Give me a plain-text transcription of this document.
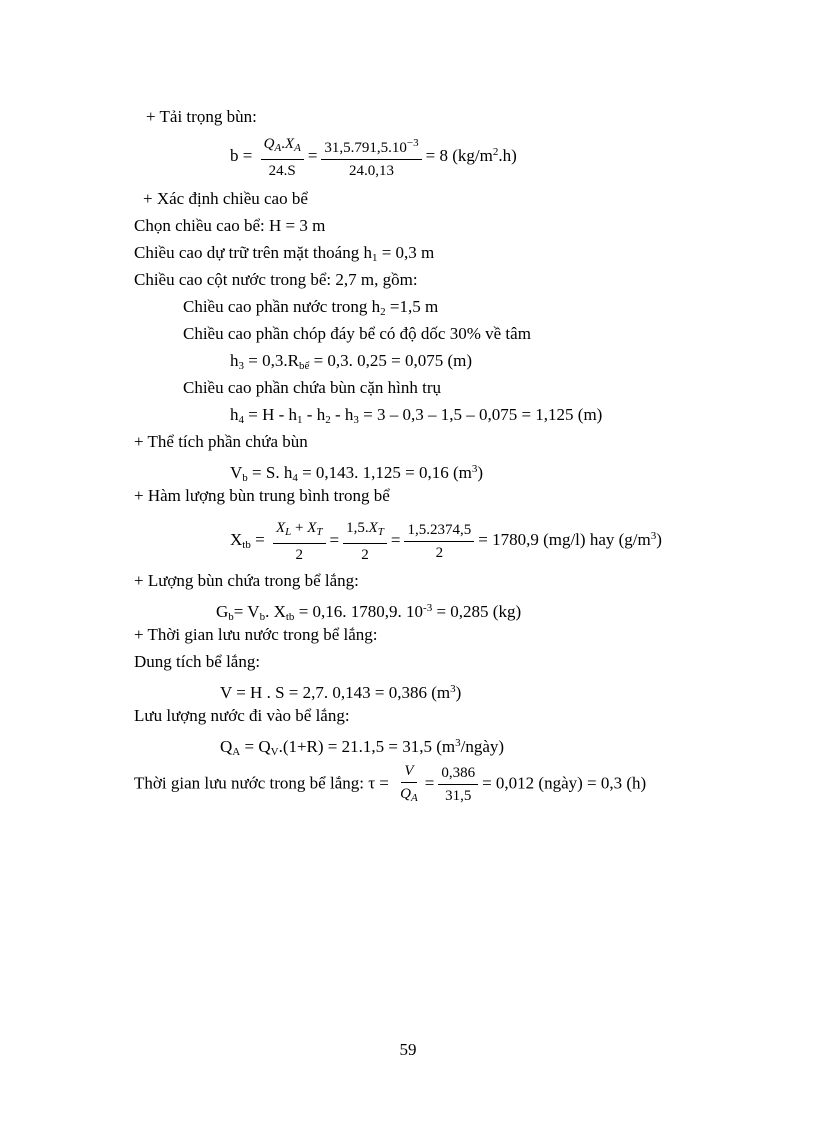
+ Tải trọng bùn:
$b = \frac{Q_A.X_A}{24.S} = \frac{31,5.791,5.10^{-3}}{24.0,13} = 8$ $(kg/m^2.h)$
+ Xác định chiều cao bể
Chọn chiều cao bể: H = 3 m
Chiều cao dự trữ trên mặt thoáng $h_1 = 0,3$ m
Chiều cao cột nước trong bể: 2,7 m, gồm:
Chiều cao phần nước trong $h_2 =1,5$ m
Chiều cao phần chóp đáy bể có độ dốc 30% về tâm
$h_3 = 0,3.R_{bể} = 0,3$. 0,25 = 0,075 (m)
Chiều cao phần chứa bùn cặn hình trụ
$h_4 = H - h_1 - h_2 - h_3 = 3 - 0,3 - 1,5 - 0,075 = 1,125$ (m)
+ Thể tích phần chứa bùn
$V_b = S$. $h_4 = 0,143$. 1,125 = 0,16 $(m^3)$
+ Hàm lượng bùn trung bình trong bể
$X_{tb} = \frac{X_L + X_T}{2} = \frac{1,5.X_T}{2} = \frac{1,5.2374,5}{2} = 1780,9$ (mg/l) hay $(g/m^3)$
+ Lượng bùn chứa trong bể lắng:
$G_b= V_b$. $X_{tb} = 0,16$. 1780,9. $10^{-3} = 0,285$ (kg)
+ Thời gian lưu nước trong bể lắng:
Dung tích bể lắng:
V = H . S = 2,7. 0,143 = 0,386 $(m^3)$
Lưu lượng nước đi vào bể lắng:
$Q_A = Q_V.(1+R) = 21.1,5 = 31,5$ $(m^3/ngày)$
Thời gian lưu nước trong bể lắng: $\tau = \frac{V}{Q_A} = \frac{0,386}{31,5} = 0,012$ (ngày) = 0,3 (h)
59
